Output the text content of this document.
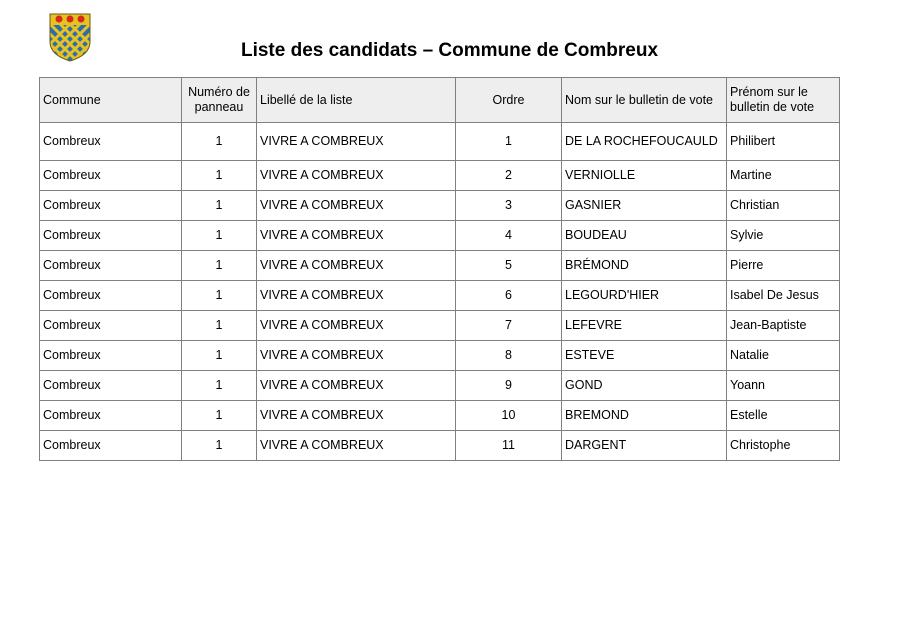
Liste des candidats – Commune de Combreux
Commune	Numéro de panneau	Libellé de la liste	Ordre	Nom sur le bulletin de vote	Prénom sur le bulletin de vote
Combreux	1	VIVRE A COMBREUX	1	DE LA ROCHEFOUCAULD	Philibert
Combreux	1	VIVRE A COMBREUX	2	VERNIOLLE	Martine
Combreux	1	VIVRE A COMBREUX	3	GASNIER	Christian
Combreux	1	VIVRE A COMBREUX	4	BOUDEAU	Sylvie
Combreux	1	VIVRE A COMBREUX	5	BRÉMOND	Pierre
Combreux	1	VIVRE A COMBREUX	6	LEGOURD'HIER	Isabel De Jesus
Combreux	1	VIVRE A COMBREUX	7	LEFEVRE	Jean-Baptiste
Combreux	1	VIVRE A COMBREUX	8	ESTEVE	Natalie
Combreux	1	VIVRE A COMBREUX	9	GOND	Yoann
Combreux	1	VIVRE A COMBREUX	10	BREMOND	Estelle
Combreux	1	VIVRE A COMBREUX	11	DARGENT	Christophe
